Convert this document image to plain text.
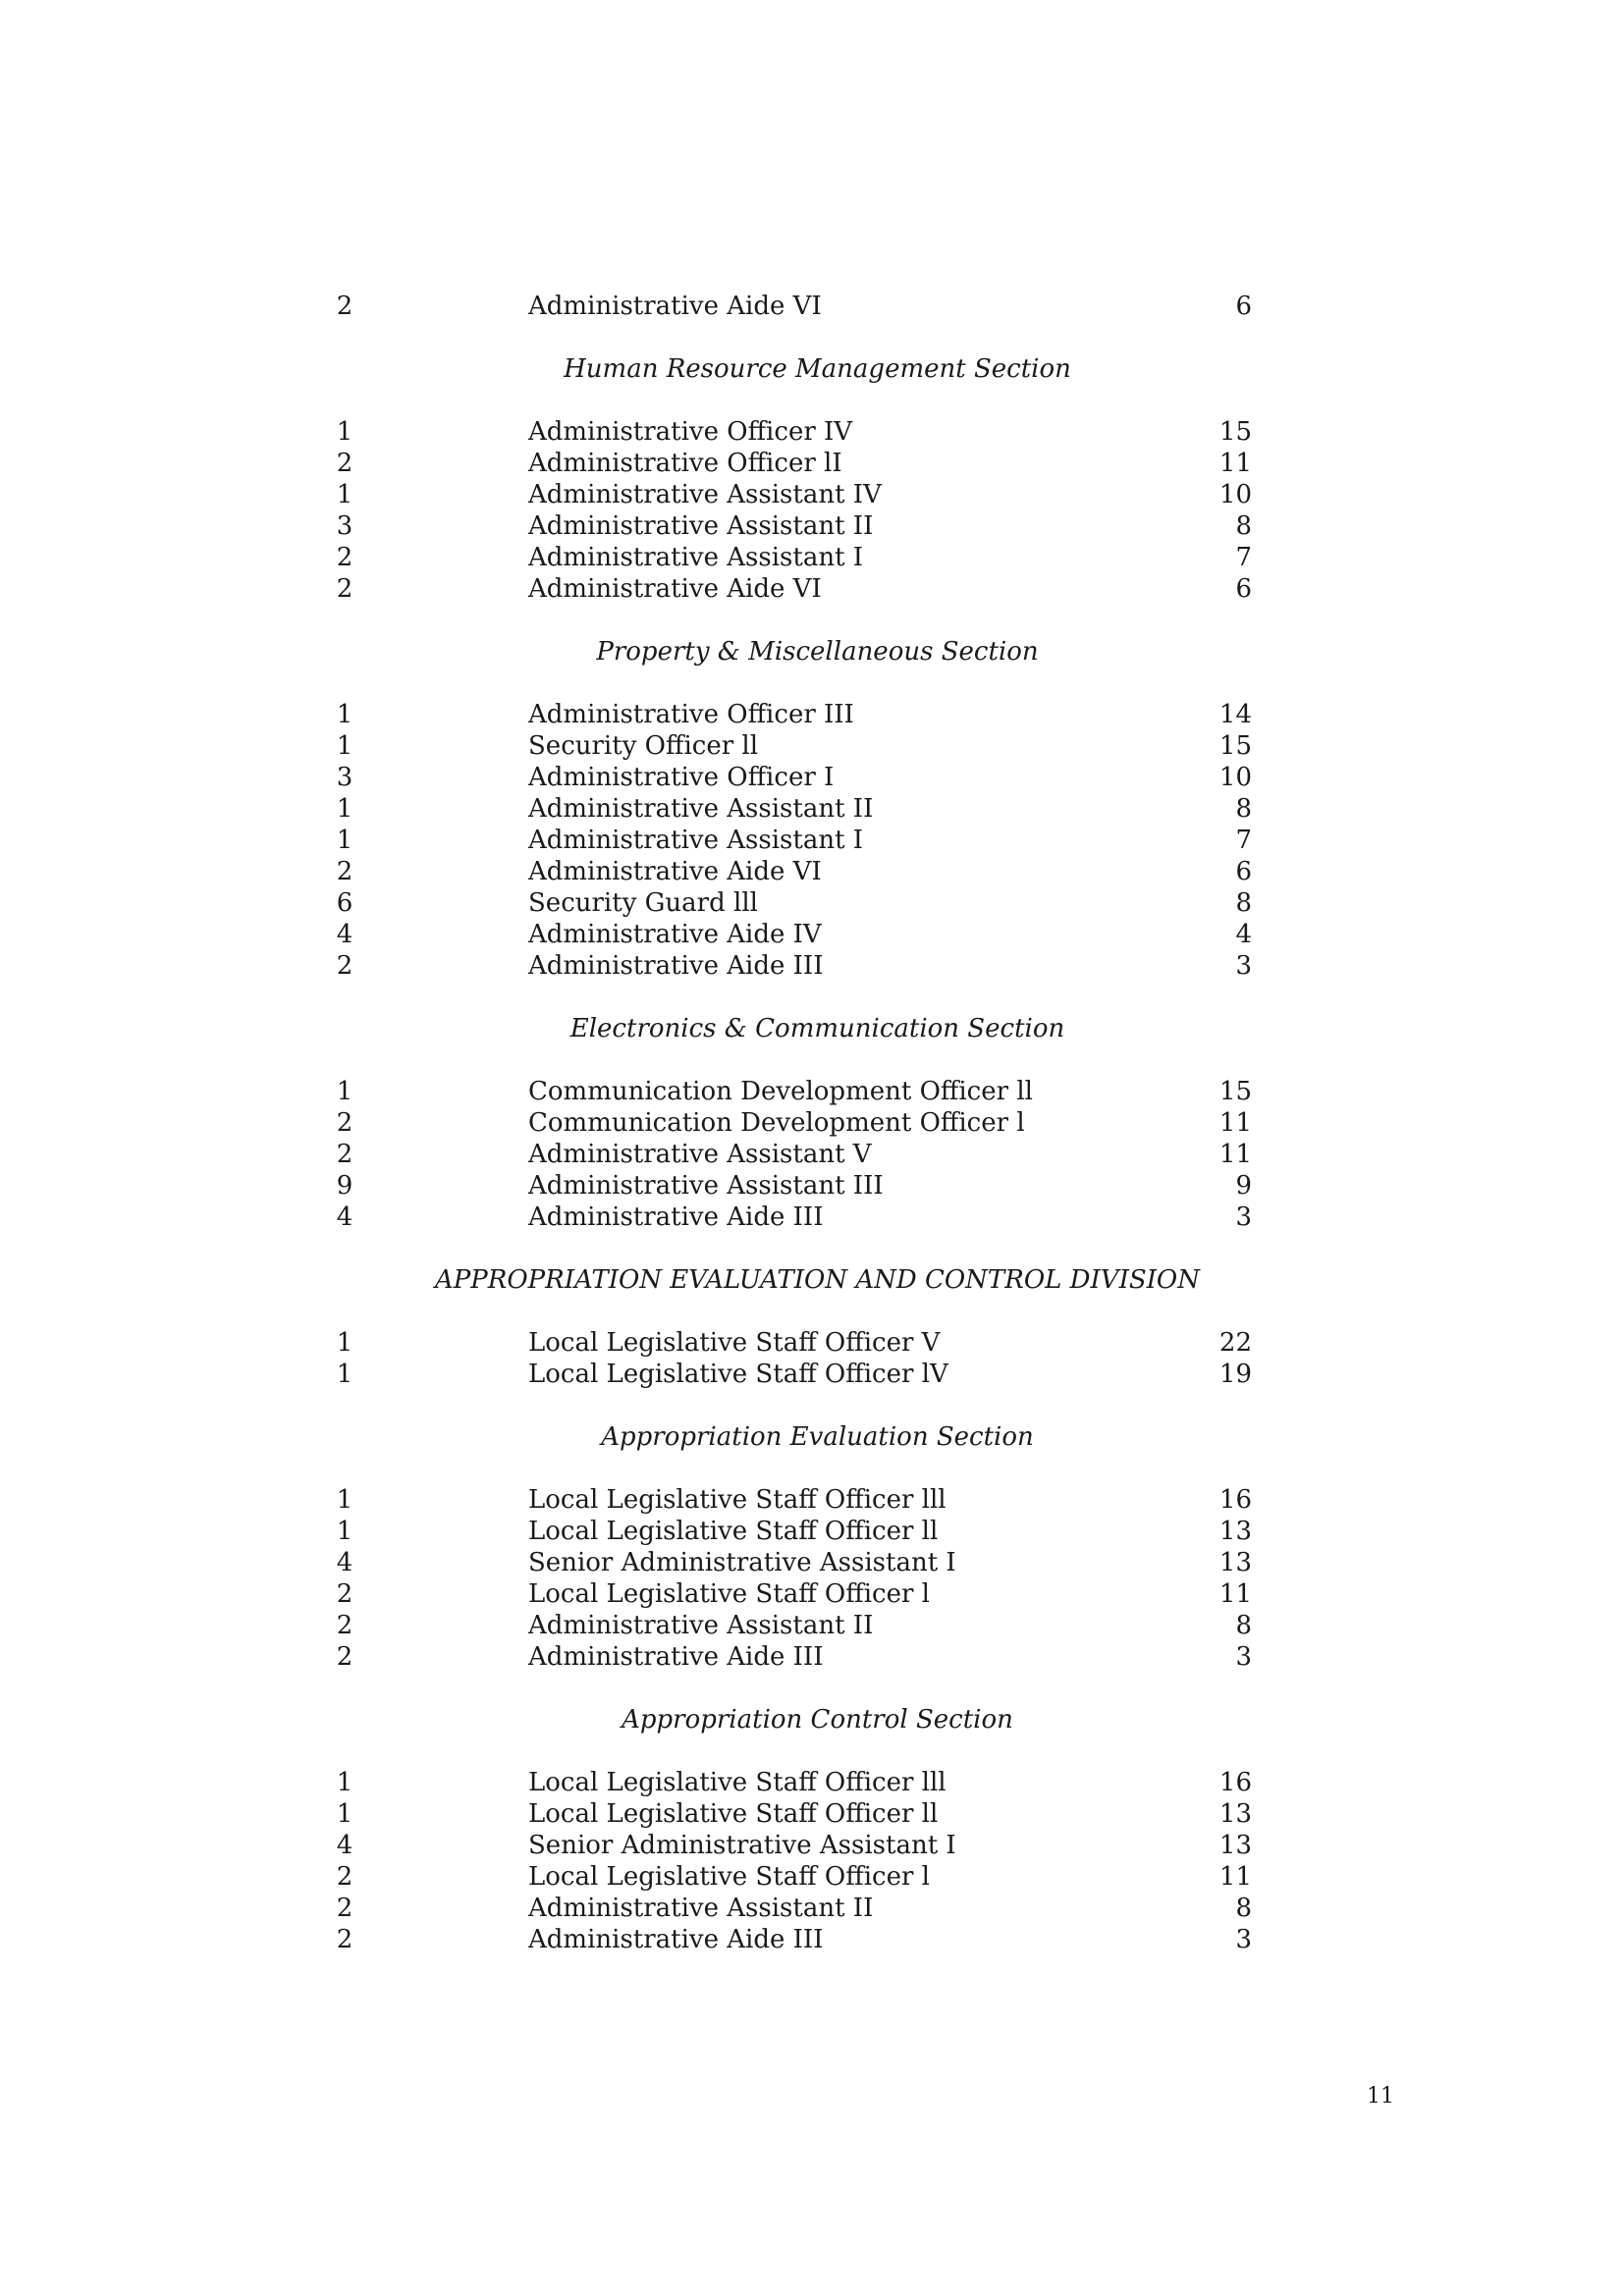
2	Administrative Aide VI	6
Human Resource Management Section
1	Administrative Officer IV	15
2	Administrative Officer lI	11
1	Administrative Assistant IV	10
3	Administrative Assistant II	8
2	Administrative Assistant I	7
2	Administrative Aide VI	6
Property & Miscellaneous Section
1	Administrative Officer III	14
1	Security Officer ll	15
3	Administrative Officer I	10
1	Administrative Assistant II	8
1	Administrative Assistant I	7
2	Administrative Aide VI	6
6	Security Guard lll	8
4	Administrative Aide IV	4
2	Administrative Aide III	3
Electronics & Communication Section
1	Communication Development Officer ll	15
2	Communication Development Officer l	11
2	Administrative Assistant V	11
9	Administrative Assistant III	9
4	Administrative Aide III	3
APPROPRIATION EVALUATION AND CONTROL DIVISION
1	Local Legislative Staff Officer V	22
1	Local Legislative Staff Officer lV	19
Appropriation Evaluation Section
1	Local Legislative Staff Officer lll	16
1	Local Legislative Staff Officer ll	13
4	Senior Administrative Assistant I	13
2	Local Legislative Staff Officer l	11
2	Administrative Assistant II	8
2	Administrative Aide III	3
Appropriation Control Section
1	Local Legislative Staff Officer lll	16
1	Local Legislative Staff Officer ll	13
4	Senior Administrative Assistant I	13
2	Local Legislative Staff Officer l	11
2	Administrative Assistant II	8
2	Administrative Aide III	3
11
